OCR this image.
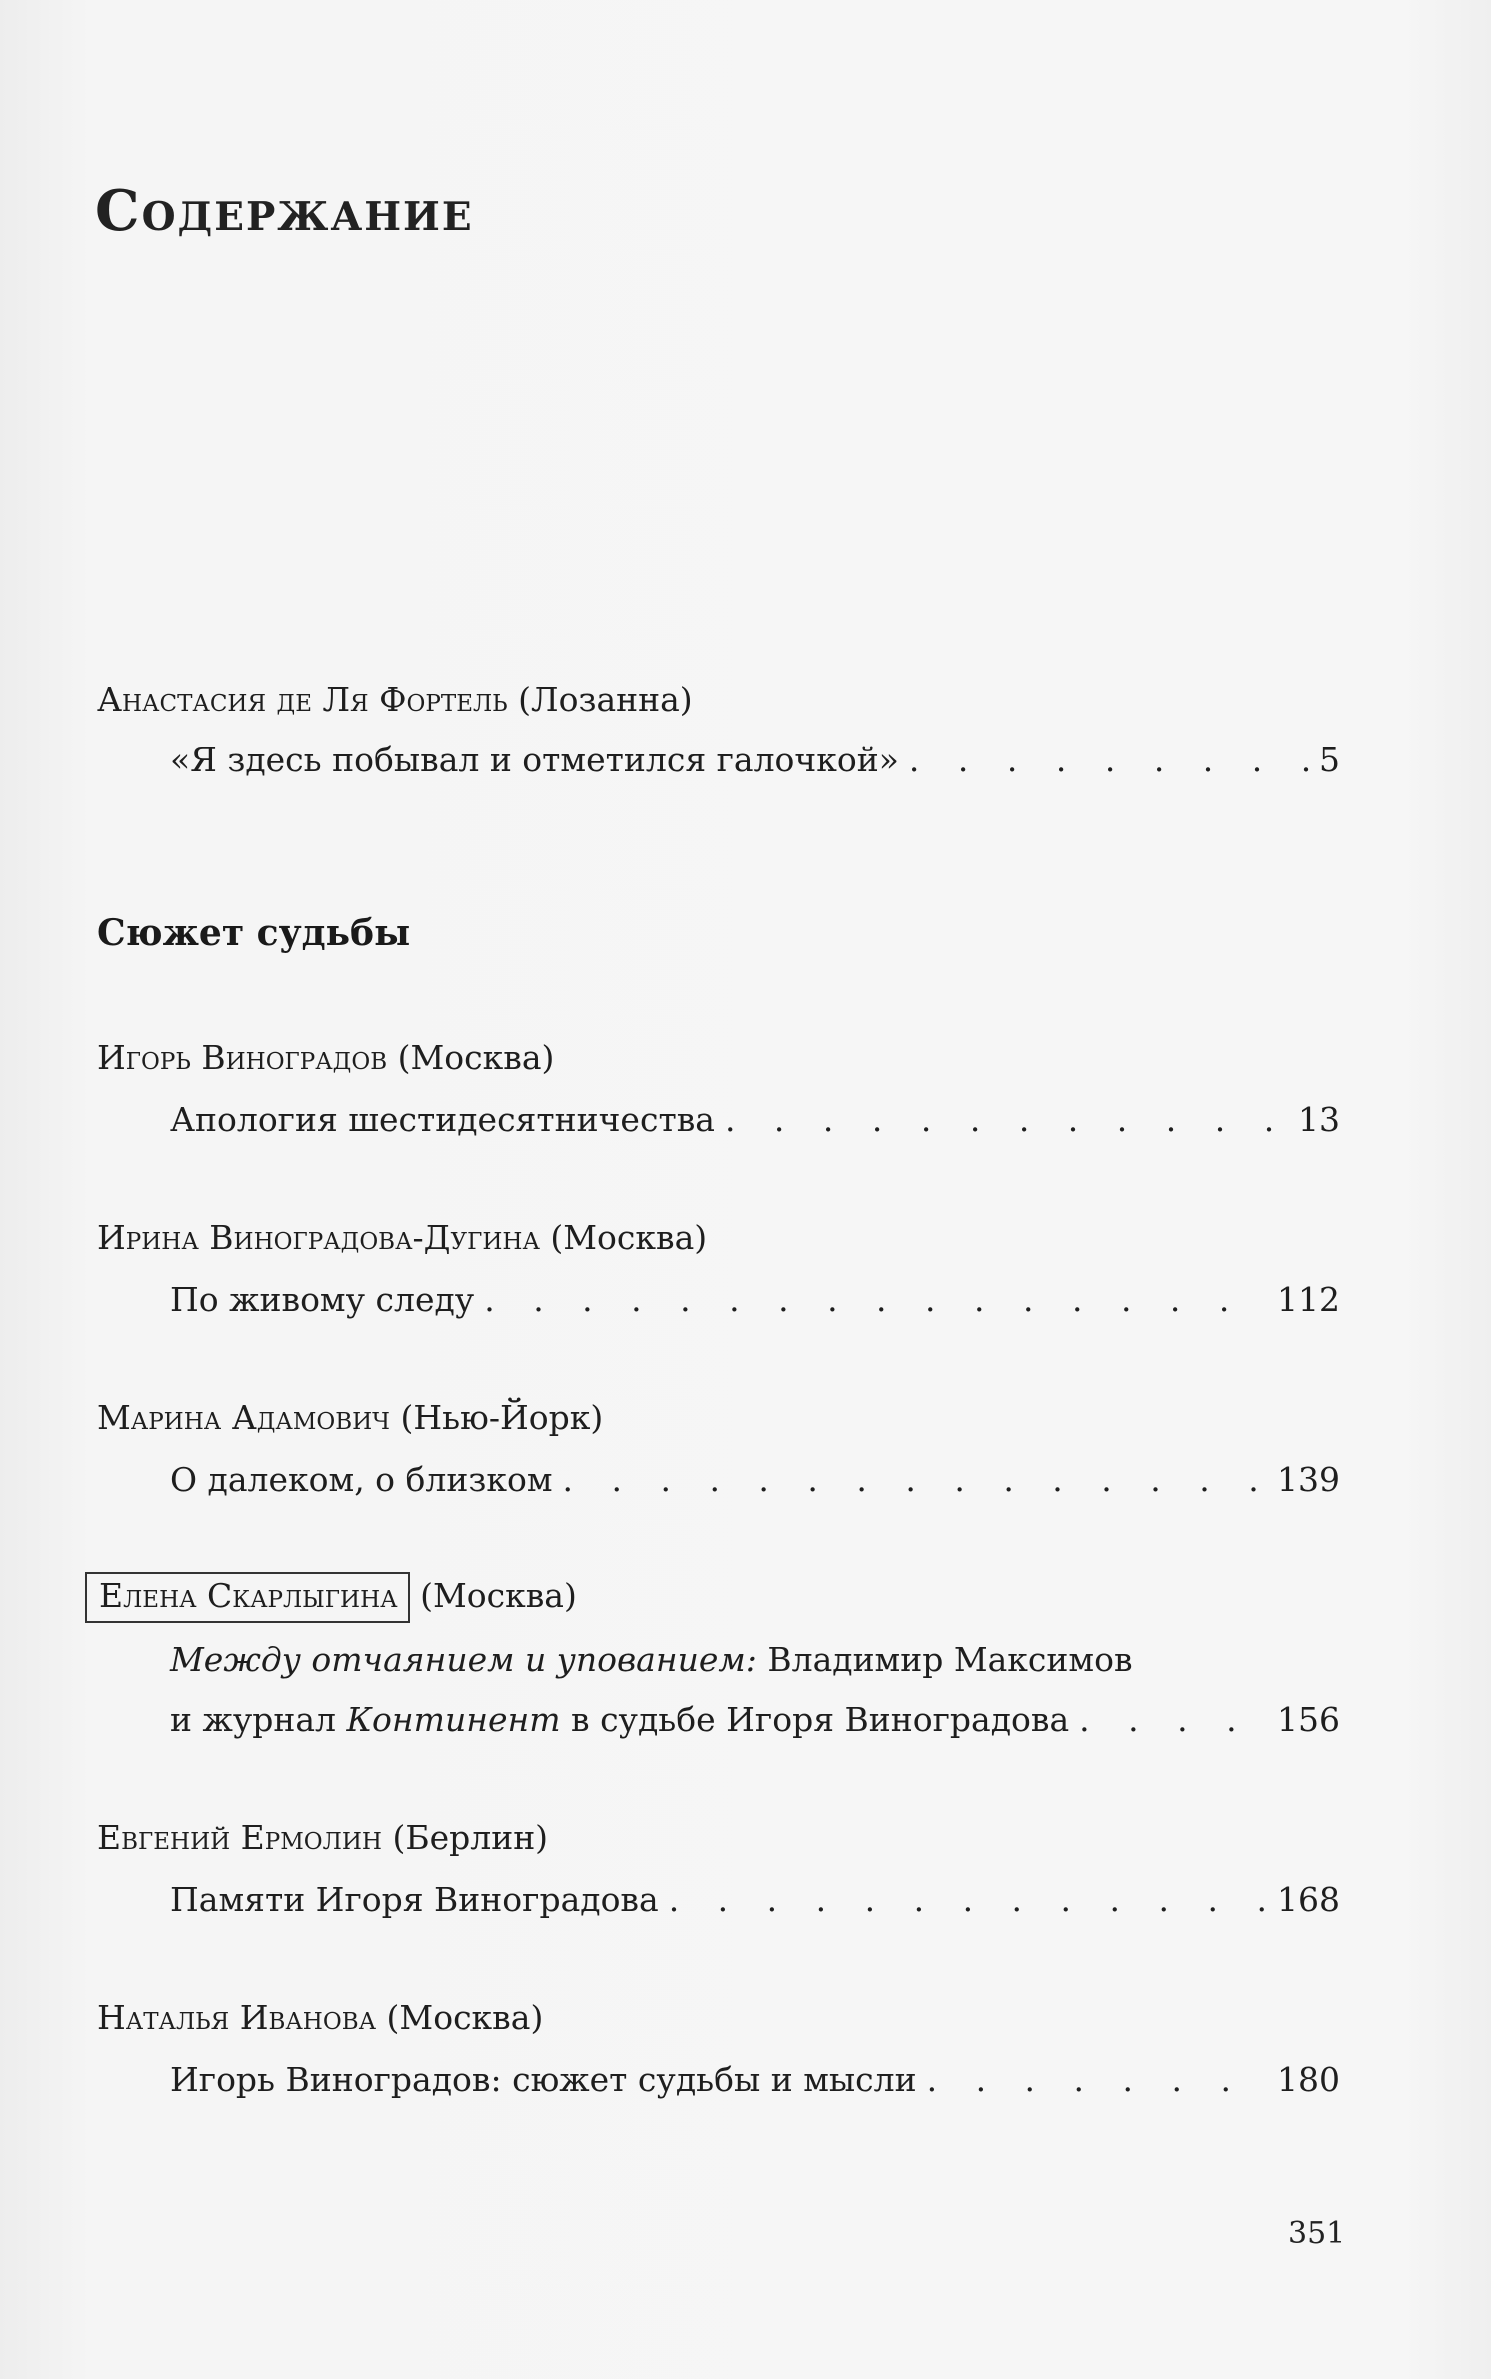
Содержание
Анастасия де Ля Фортель (Лозанна)
«Я здесь побывал и отметился галочкой» . . .	5
Сюжет судьбы
Игорь Виноградов (Москва)
Апология шестидесятничества . . .	13
Ирина Виноградова-Дугина (Москва)
По живому следу . . .	112
Марина Адамович (Нью-Йорк)
О далеком, о близком . . .	139
Елена Скарлыгина (Москва)
Между отчаянием и упованием: Владимир Максимов
и журнал Континент в судьбе Игоря Виноградова . . .	156
Евгений Ермолин (Берлин)
Памяти Игоря Виноградова . . .	168
Наталья Иванова (Москва)
Игорь Виноградов: сюжет судьбы и мысли . . .	180
351
